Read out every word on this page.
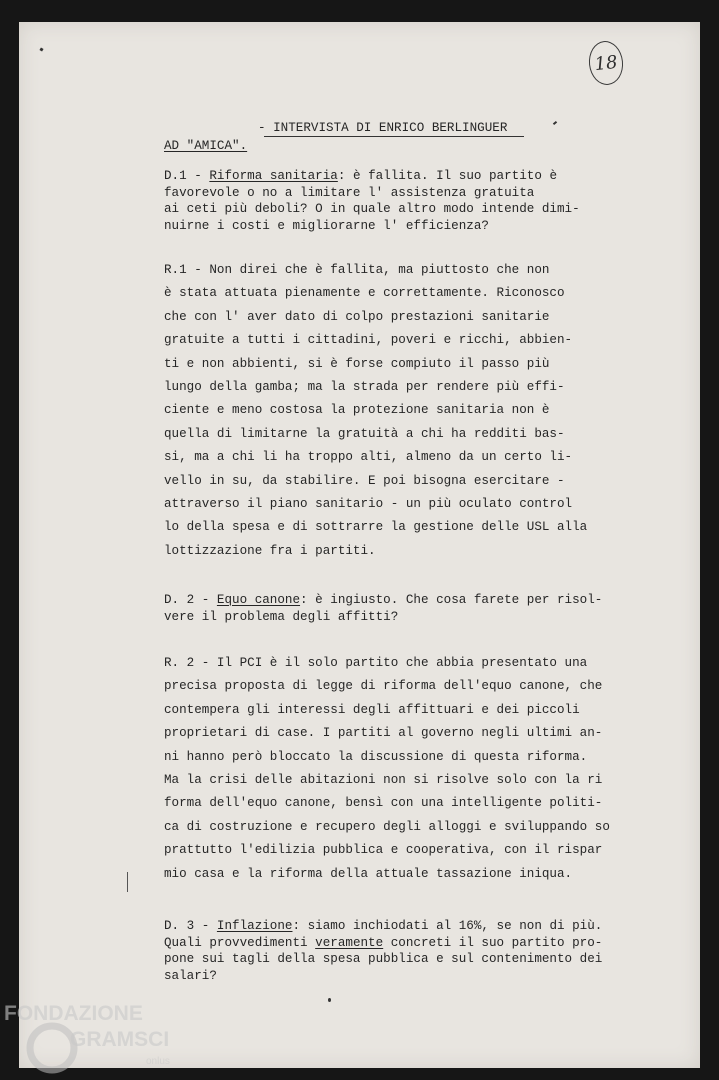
18
- INTERVISTA DI ENRICO BERLINGUER
AD "AMICA".
D.1 - Riforma sanitaria: è fallita. Il suo partito è
favorevole o no a limitare l' assistenza gratuita
ai ceti più deboli? O in quale altro modo intende dimi-
nuirne i costi e migliorarne l' efficienza?
R.1 - Non direi che è fallita, ma piuttosto che non
è stata attuata pienamente e correttamente. Riconosco
che con l' aver dato di colpo prestazioni sanitarie
gratuite a tutti i cittadini, poveri e ricchi, abbien-
ti e non abbienti, si è forse compiuto il passo più
lungo della gamba; ma la strada per rendere più effi-
ciente e meno costosa la protezione sanitaria non è
quella di limitarne la gratuità a chi ha redditi bas-
si, ma a chi li ha troppo alti, almeno da un certo li-
vello in su, da stabilire. E poi bisogna esercitare -
attraverso il piano sanitario - un più oculato control
lo della spesa e di sottrarre la gestione delle USL alla
lottizzazione fra i partiti.
D. 2 - Equo canone: è ingiusto. Che cosa farete per risol-
vere il problema degli affitti?
R. 2 - Il PCI è il solo partito che abbia presentato una
precisa proposta di legge di riforma dell'equo canone, che
contempera gli interessi degli affittuari e dei piccoli
proprietari di case. I partiti al governo negli ultimi an-
ni hanno però bloccato la discussione di questa riforma.
Ma la crisi delle abitazioni non si risolve solo con la ri
forma dell'equo canone, bensì con una intelligente politi-
ca di costruzione e recupero degli alloggi e sviluppando so
prattutto l'edilizia pubblica e cooperativa, con il rispar
mio casa e la riforma della attuale tassazione iniqua.
D. 3 - Inflazione: siamo inchiodati al 16%, se non di più.
Quali provvedimenti veramente concreti il suo partito pro-
pone sui tagli della spesa pubblica e sul contenimento dei
salari?
FONDAZIONE
GRAMSCI
onlus
